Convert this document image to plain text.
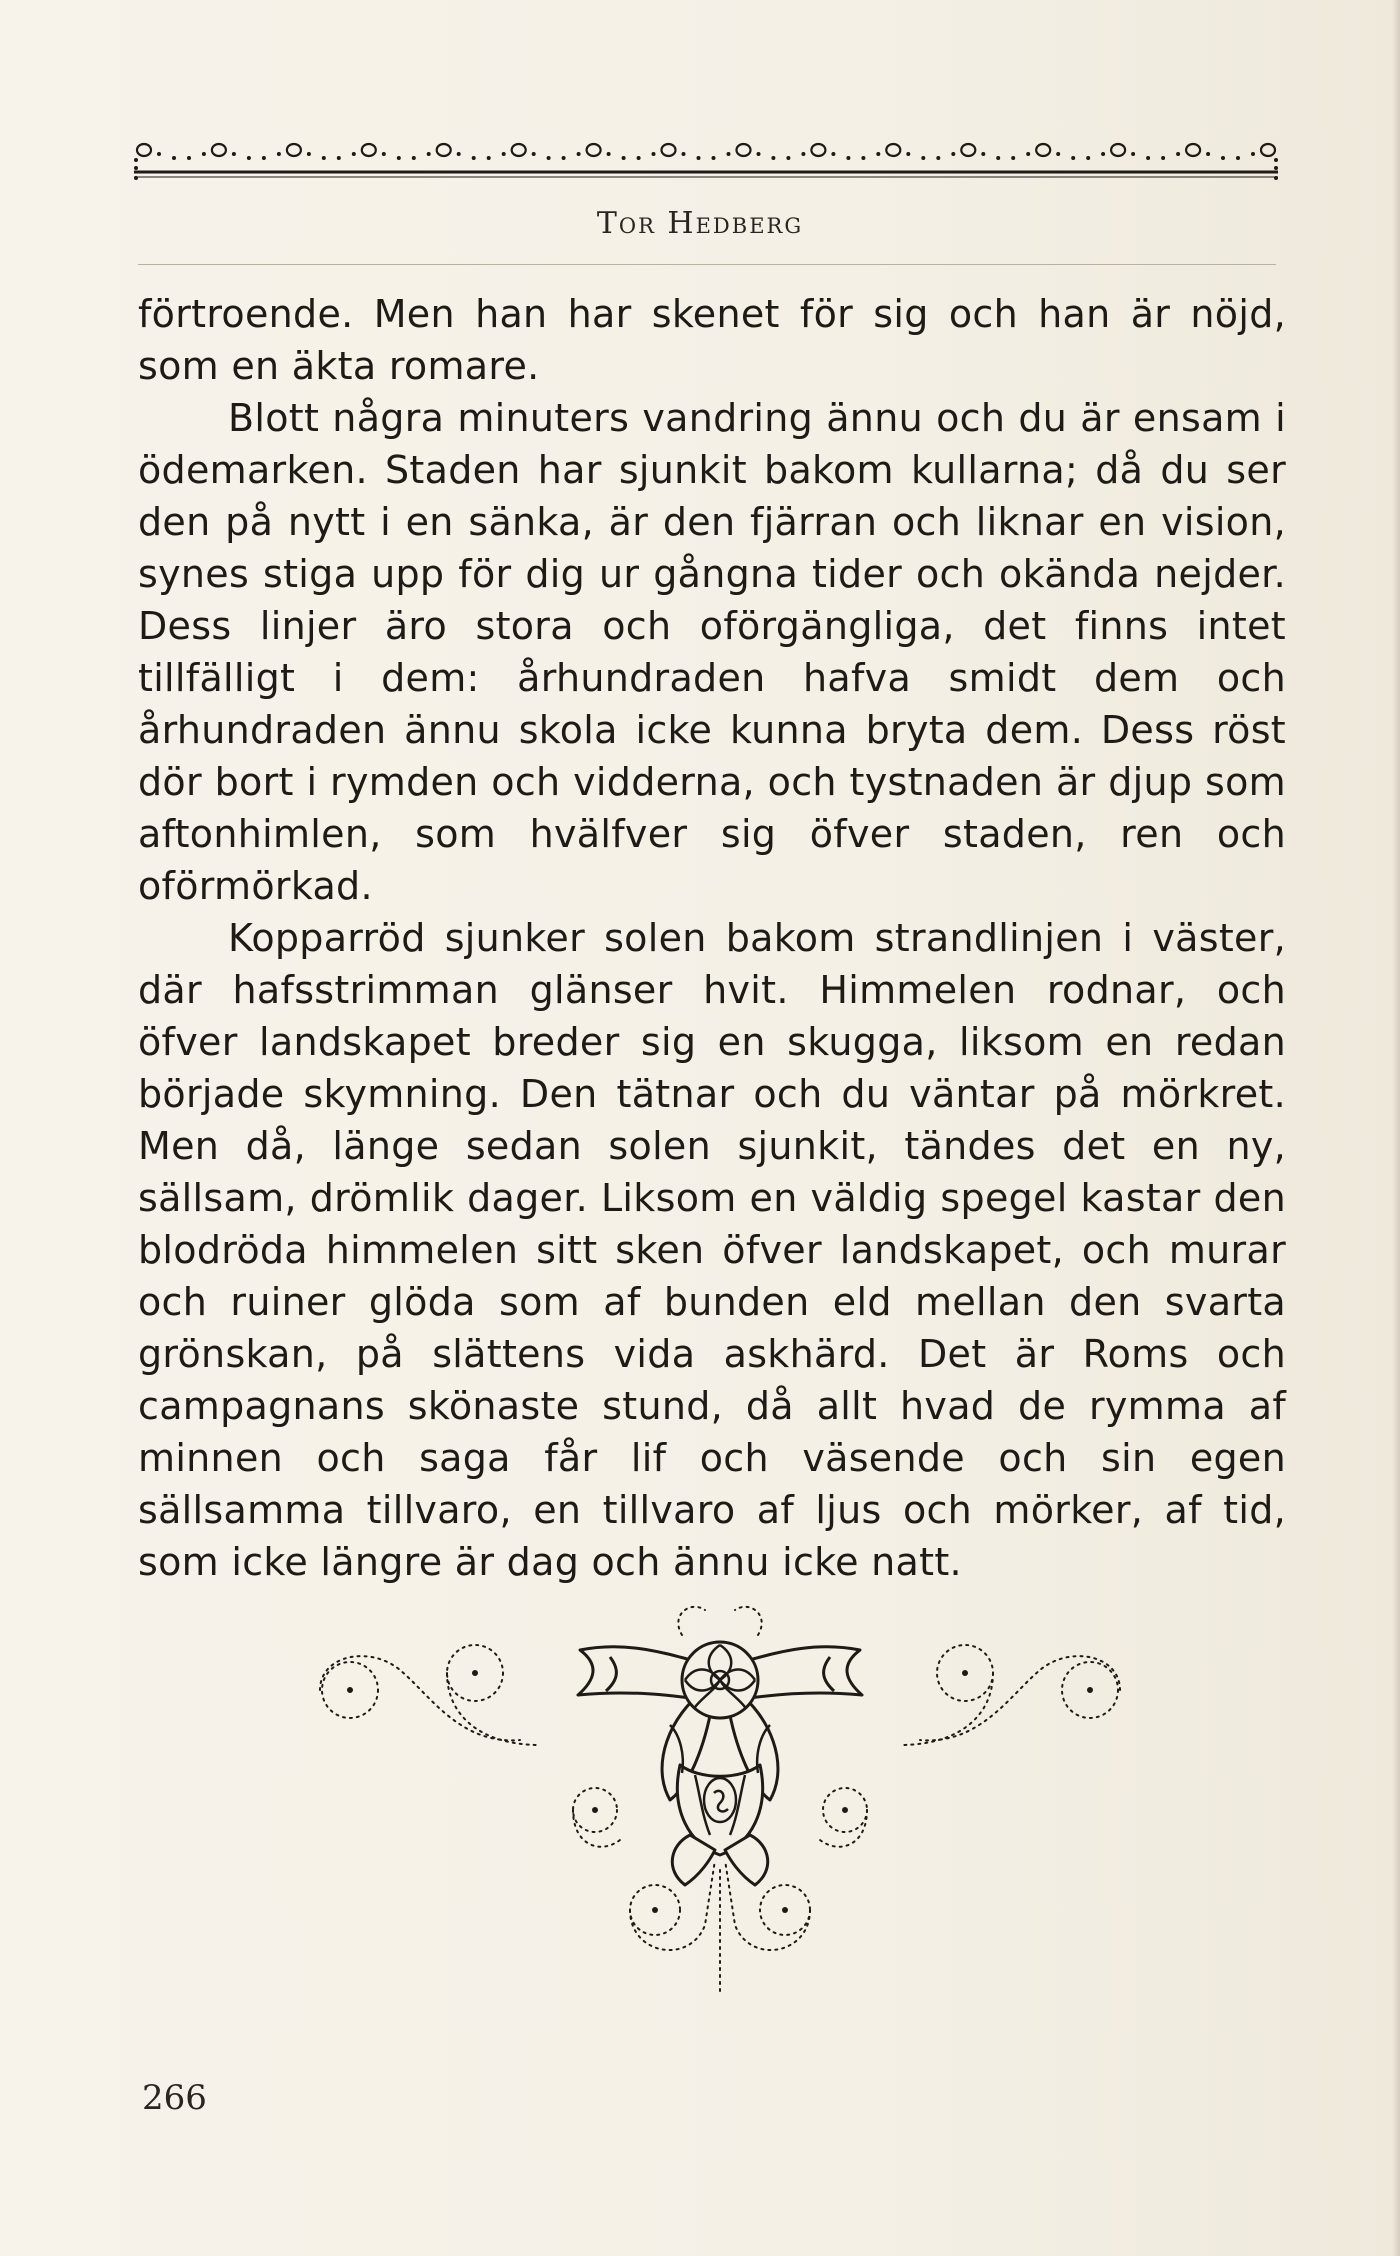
Tor Hedberg

förtroende. Men han har skenet för sig och han är nöjd, som en äkta romare.

Blott några minuters vandring ännu och du är ensam i ödemarken. Staden har sjunkit bakom kullarna; då du ser den på nytt i en sänka, är den fjärran och liknar en vision, synes stiga upp för dig ur gångna tider och okända nejder. Dess linjer äro stora och oförgängliga, det finns intet tillfälligt i dem: århundraden hafva smidt dem och århundraden ännu skola icke kunna bryta dem. Dess röst dör bort i rymden och vidderna, och tystnaden är djup som aftonhimlen, som hvälfver sig öfver staden, ren och oförmörkad.

Kopparröd sjunker solen bakom strandlinjen i väster, där hafsstrimman glänser hvit. Himmelen rodnar, och öfver landskapet breder sig en skugga, liksom en redan började skymning. Den tätnar och du väntar på mörkret. Men då, länge sedan solen sjunkit, tändes det en ny, sällsam, drömlik dager. Liksom en väldig spegel kastar den blodröda himmelen sitt sken öfver landskapet, och murar och ruiner glöda som af bunden eld mellan den svarta grönskan, på slättens vida askhärd. Det är Roms och campagnans skönaste stund, då allt hvad de rymma af minnen och saga får lif och väsende och sin egen sällsamma tillvaro, en tillvaro af ljus och mörker, af tid, som icke längre är dag och ännu icke natt.

266
